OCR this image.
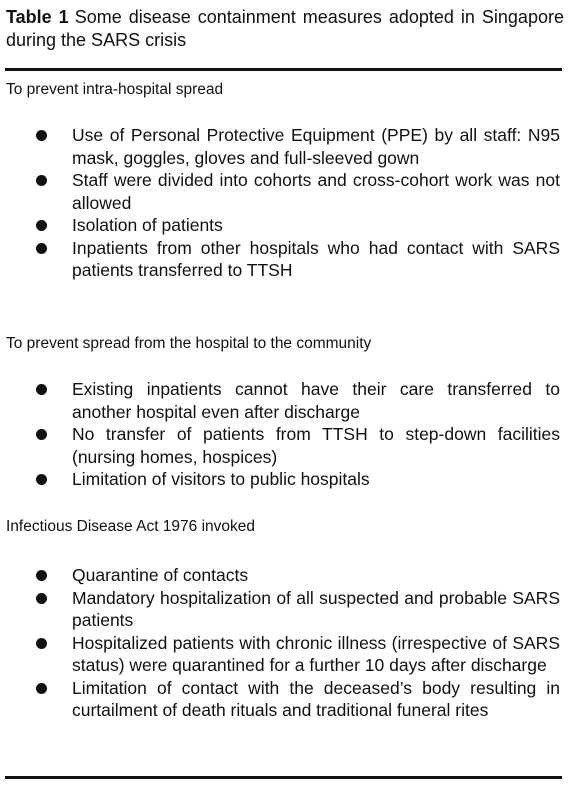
Table 1 Some disease containment measures adopted in Singapore during the SARS crisis
To prevent intra-hospital spread
Use of Personal Protective Equipment (PPE) by all staff: N95 mask, goggles, gloves and full-sleeved gown
Staff were divided into cohorts and cross-cohort work was not allowed
Isolation of patients
Inpatients from other hospitals who had contact with SARS patients transferred to TTSH
To prevent spread from the hospital to the community
Existing inpatients cannot have their care transferred to another hospital even after discharge
No transfer of patients from TTSH to step-down facilities (nursing homes, hospices)
Limitation of visitors to public hospitals
Infectious Disease Act 1976 invoked
Quarantine of contacts
Mandatory hospitalization of all suspected and probable SARS patients
Hospitalized patients with chronic illness (irrespective of SARS status) were quarantined for a further 10 days after discharge
Limitation of contact with the deceased’s body resulting in curtailment of death rituals and traditional funeral rites
